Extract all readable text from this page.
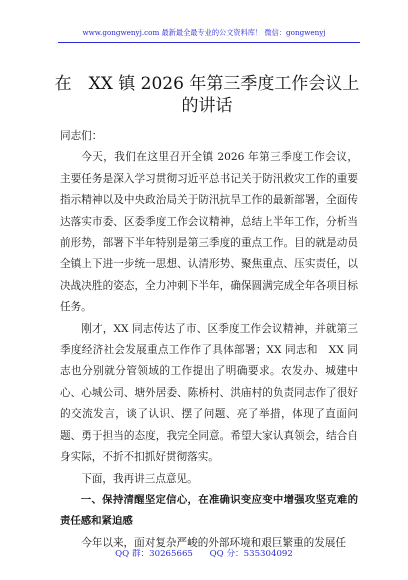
www.gongwenyj.com 最新最全最专业的公文资料库！ 微信：gongwenyj
在　XX 镇 2026 年第三季度工作会议上的讲话

同志们：

今天，我们在这里召开全镇 2026 年第三季度工作会议，主要任务是深入学习贯彻习近平总书记关于防汛救灾工作的重要指示精神以及中央政治局关于防汛抗旱工作的最新部署，全面传达落实市委、区委季度工作会议精神，总结上半年工作，分析当前形势，部署下半年特别是第三季度的重点工作。目的就是动员全镇上下进一步统一思想、认清形势、聚焦重点、压实责任，以决战决胜的姿态，全力冲刺下半年，确保圆满完成全年各项目标任务。

刚才，XX 同志传达了市、区季度工作会议精神，并就第三季度经济社会发展重点工作作了具体部署；XX 同志和　XX 同志也分别就分管领域的工作提出了明确要求。农发办、城建中心、心城公司、塘外居委、陈桥村、洪庙村的负责同志作了很好的交流发言，谈了认识、摆了问题、亮了举措，体现了直面问题、勇于担当的态度，我完全同意。希望大家认真领会，结合自身实际，不折不扣抓好贯彻落实。

下面，我再讲三点意见。

一、保持清醒坚定信心，在准确识变应变中增强攻坚克难的责任感和紧迫感

今年以来，面对复杂严峻的外部环境和艰巨繁重的发展任

QQ 群：30265665 QQ 分：535304092
